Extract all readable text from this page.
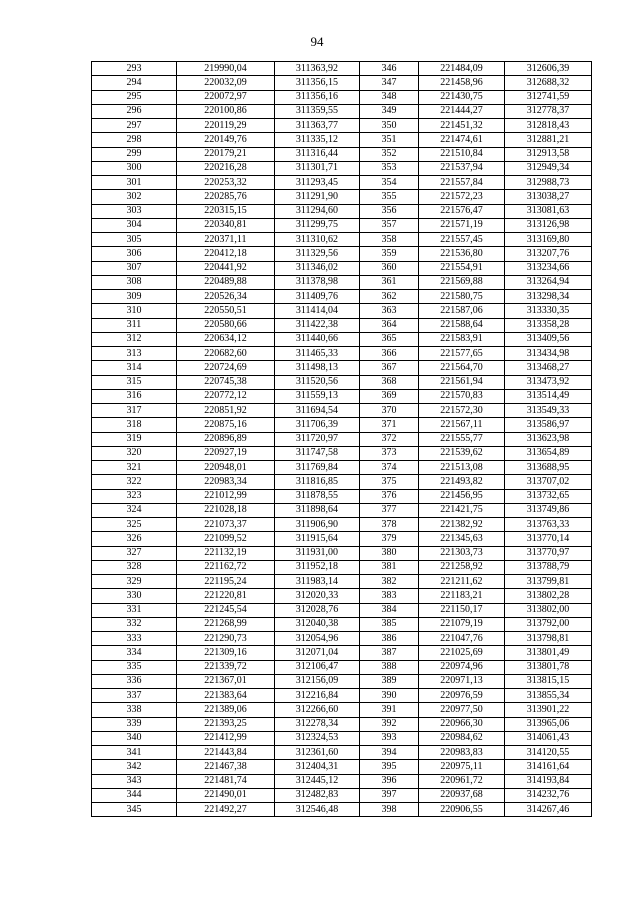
94
293	219990,04	311363,92	346	221484,09	312606,39
294	220032,09	311356,15	347	221458,96	312688,32
295	220072,97	311356,16	348	221430,75	312741,59
296	220100,86	311359,55	349	221444,27	312778,37
297	220119,29	311363,77	350	221451,32	312818,43
298	220149,76	311335,12	351	221474,61	312881,21
299	220179,21	311316,44	352	221510,84	312913,58
300	220216,28	311301,71	353	221537,94	312949,34
301	220253,32	311293,45	354	221557,84	312988,73
302	220285,76	311291,90	355	221572,23	313038,27
303	220315,15	311294,60	356	221576,47	313081,63
304	220340,81	311299,75	357	221571,19	313126,98
305	220371,11	311310,62	358	221557,45	313169,80
306	220412,18	311329,56	359	221536,80	313207,76
307	220441,92	311346,02	360	221554,91	313234,66
308	220489,88	311378,98	361	221569,88	313264,94
309	220526,34	311409,76	362	221580,75	313298,34
310	220550,51	311414,04	363	221587,06	313330,35
311	220580,66	311422,38	364	221588,64	313358,28
312	220634,12	311440,66	365	221583,91	313409,56
313	220682,60	311465,33	366	221577,65	313434,98
314	220724,69	311498,13	367	221564,70	313468,27
315	220745,38	311520,56	368	221561,94	313473,92
316	220772,12	311559,13	369	221570,83	313514,49
317	220851,92	311694,54	370	221572,30	313549,33
318	220875,16	311706,39	371	221567,11	313586,97
319	220896,89	311720,97	372	221555,77	313623,98
320	220927,19	311747,58	373	221539,62	313654,89
321	220948,01	311769,84	374	221513,08	313688,95
322	220983,34	311816,85	375	221493,82	313707,02
323	221012,99	311878,55	376	221456,95	313732,65
324	221028,18	311898,64	377	221421,75	313749,86
325	221073,37	311906,90	378	221382,92	313763,33
326	221099,52	311915,64	379	221345,63	313770,14
327	221132,19	311931,00	380	221303,73	313770,97
328	221162,72	311952,18	381	221258,92	313788,79
329	221195,24	311983,14	382	221211,62	313799,81
330	221220,81	312020,33	383	221183,21	313802,28
331	221245,54	312028,76	384	221150,17	313802,00
332	221268,99	312040,38	385	221079,19	313792,00
333	221290,73	312054,96	386	221047,76	313798,81
334	221309,16	312071,04	387	221025,69	313801,49
335	221339,72	312106,47	388	220974,96	313801,78
336	221367,01	312156,09	389	220971,13	313815,15
337	221383,64	312216,84	390	220976,59	313855,34
338	221389,06	312266,60	391	220977,50	313901,22
339	221393,25	312278,34	392	220966,30	313965,06
340	221412,99	312324,53	393	220984,62	314061,43
341	221443,84	312361,60	394	220983,83	314120,55
342	221467,38	312404,31	395	220975,11	314161,64
343	221481,74	312445,12	396	220961,72	314193,84
344	221490,01	312482,83	397	220937,68	314232,76
345	221492,27	312546,48	398	220906,55	314267,46
